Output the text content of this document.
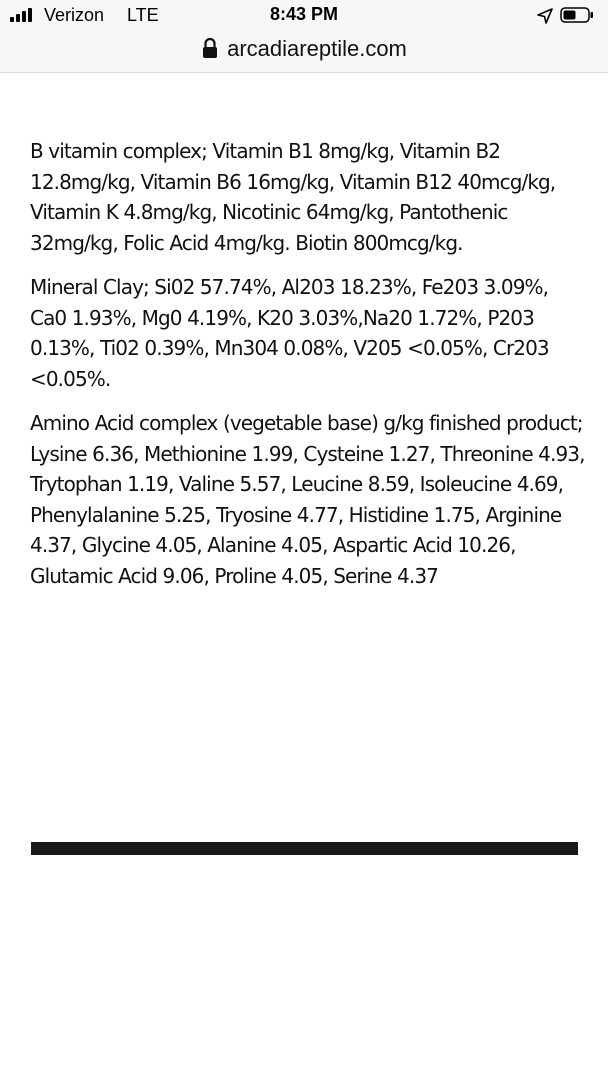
Verizon LTE	8:43 PM
arcadiareptile.com

B vitamin complex; Vitamin B1 8mg/kg, Vitamin B2 12.8mg/kg, Vitamin B6 16mg/kg, Vitamin B12 40mcg/kg, Vitamin K 4.8mg/kg, Nicotinic 64mg/kg, Pantothenic 32mg/kg, Folic Acid 4mg/kg. Biotin 800mcg/kg.

Mineral Clay; Si02 57.74%, Al203 18.23%, Fe203 3.09%, Ca0 1.93%, Mg0 4.19%, K20 3.03%,Na20 1.72%, P203 0.13%, Ti02 0.39%, Mn304 0.08%, V205 <0.05%, Cr203 <0.05%.

Amino Acid complex (vegetable base) g/kg finished product; Lysine 6.36, Methionine 1.99, Cysteine 1.27, Threonine 4.93, Trytophan 1.19, Valine 5.57, Leucine 8.59, Isoleucine 4.69, Phenylalanine 5.25, Tryosine 4.77, Histidine 1.75, Arginine 4.37, Glycine 4.05, Alanine 4.05, Aspartic Acid 10.26, Glutamic Acid 9.06, Proline 4.05, Serine 4.37
